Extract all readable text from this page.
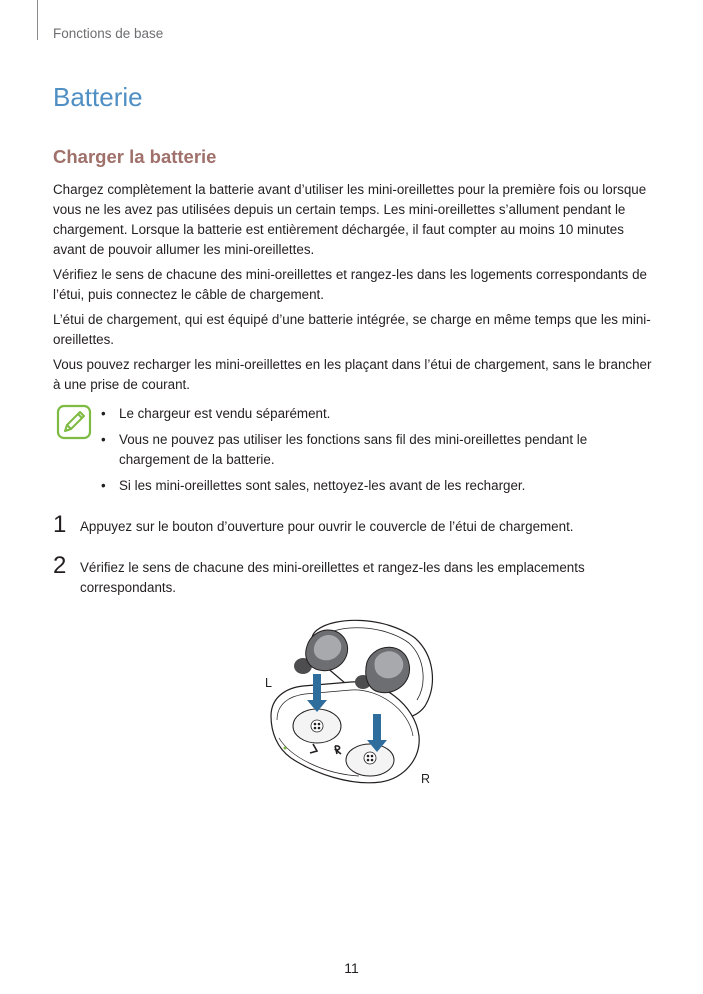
Fonctions de base
Batterie
Charger la batterie

Chargez complètement la batterie avant d’utiliser les mini-oreillettes pour la première fois ou lorsque vous ne les avez pas utilisées depuis un certain temps. Les mini-oreillettes s’allument pendant le chargement. Lorsque la batterie est entièrement déchargée, il faut compter au moins 10 minutes avant de pouvoir allumer les mini-oreillettes.

Vérifiez le sens de chacune des mini-oreillettes et rangez-les dans les logements correspondants de l’étui, puis connectez le câble de chargement.

L’étui de chargement, qui est équipé d’une batterie intégrée, se charge en même temps que les mini-oreillettes.

Vous pouvez recharger les mini-oreillettes en les plaçant dans l’étui de chargement, sans le brancher à une prise de courant.

• Le chargeur est vendu séparément.
• Vous ne pouvez pas utiliser les fonctions sans fil des mini-oreillettes pendant le chargement de la batterie.
• Si les mini-oreillettes sont sales, nettoyez-les avant de les recharger.
1 Appuyez sur le bouton d’ouverture pour ouvrir le couvercle de l’étui de chargement.
2 Vérifiez le sens de chacune des mini-oreillettes et rangez-les dans les emplacements correspondants.
L
R
11
